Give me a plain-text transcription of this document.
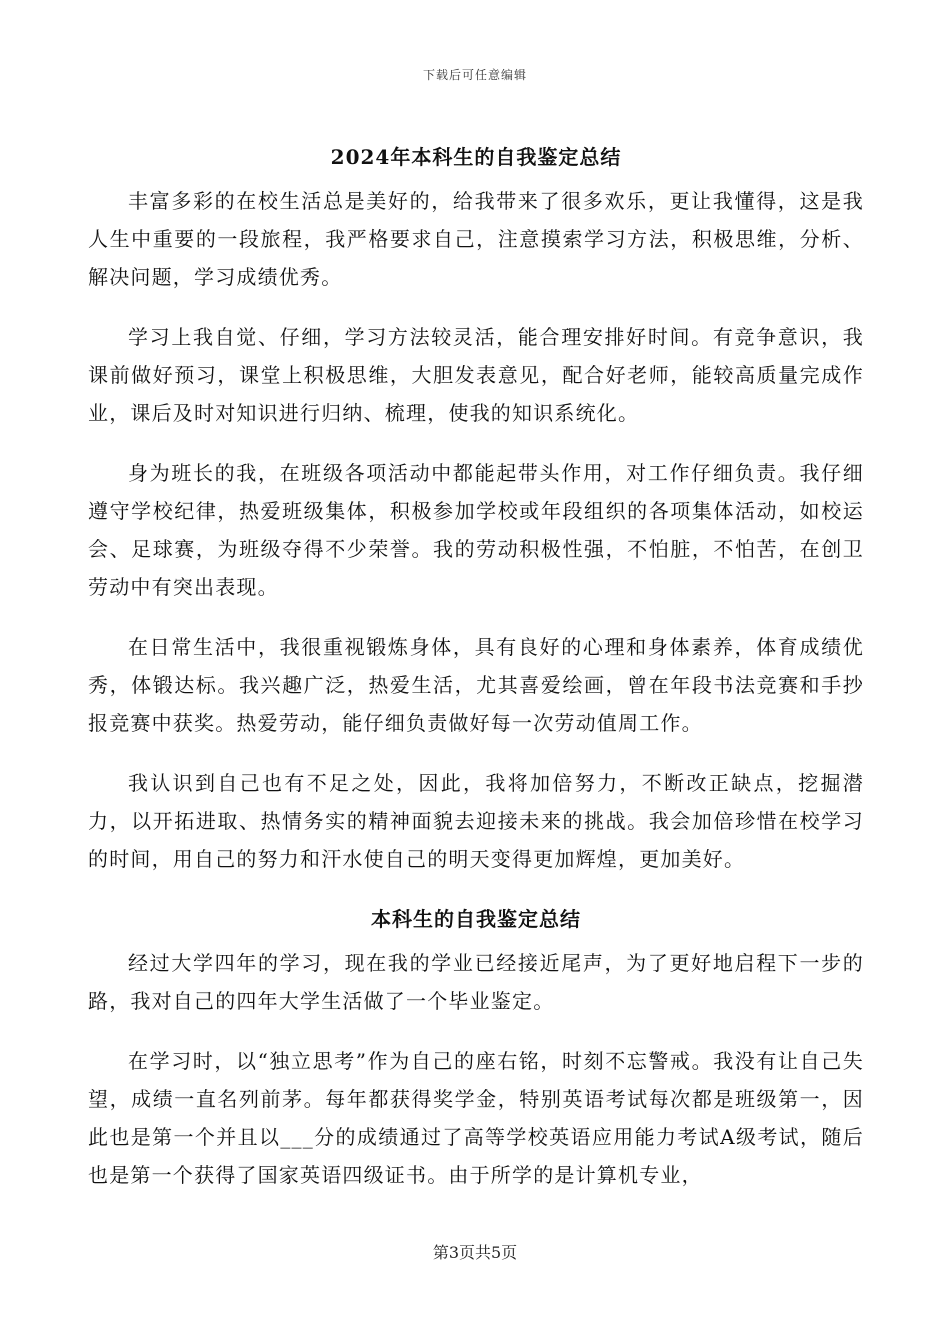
下载后可任意编辑
2024年本科生的自我鉴定总结

丰富多彩的在校生活总是美好的，给我带来了很多欢乐，更让我懂得，这是我人生中重要的一段旅程，我严格要求自己，注意摸索学习方法，积极思维，分析、解决问题，学习成绩优秀。

学习上我自觉、仔细，学习方法较灵活，能合理安排好时间。有竞争意识，我课前做好预习，课堂上积极思维，大胆发表意见，配合好老师，能较高质量完成作业，课后及时对知识进行归纳、梳理，使我的知识系统化。

身为班长的我，在班级各项活动中都能起带头作用，对工作仔细负责。我仔细遵守学校纪律，热爱班级集体，积极参加学校或年段组织的各项集体活动，如校运会、足球赛，为班级夺得不少荣誉。我的劳动积极性强，不怕脏，不怕苦，在创卫劳动中有突出表现。

在日常生活中，我很重视锻炼身体，具有良好的心理和身体素养，体育成绩优秀，体锻达标。我兴趣广泛，热爱生活，尤其喜爱绘画，曾在年段书法竞赛和手抄报竞赛中获奖。热爱劳动，能仔细负责做好每一次劳动值周工作。

我认识到自己也有不足之处，因此，我将加倍努力，不断改正缺点，挖掘潜力，以开拓进取、热情务实的精神面貌去迎接未来的挑战。我会加倍珍惜在校学习的时间，用自己的努力和汗水使自己的明天变得更加辉煌，更加美好。

本科生的自我鉴定总结

经过大学四年的学习，现在我的学业已经接近尾声，为了更好地启程下一步的路，我对自己的四年大学生活做了一个毕业鉴定。

在学习时，以“独立思考”作为自己的座右铭，时刻不忘警戒。我没有让自己失望，成绩一直名列前茅。每年都获得奖学金，特别英语考试每次都是班级第一，因此也是第一个并且以___分的成绩通过了高等学校英语应用能力考试A级考试，随后也是第一个获得了国家英语四级证书。由于所学的是计算机专业，

第3页共5页
